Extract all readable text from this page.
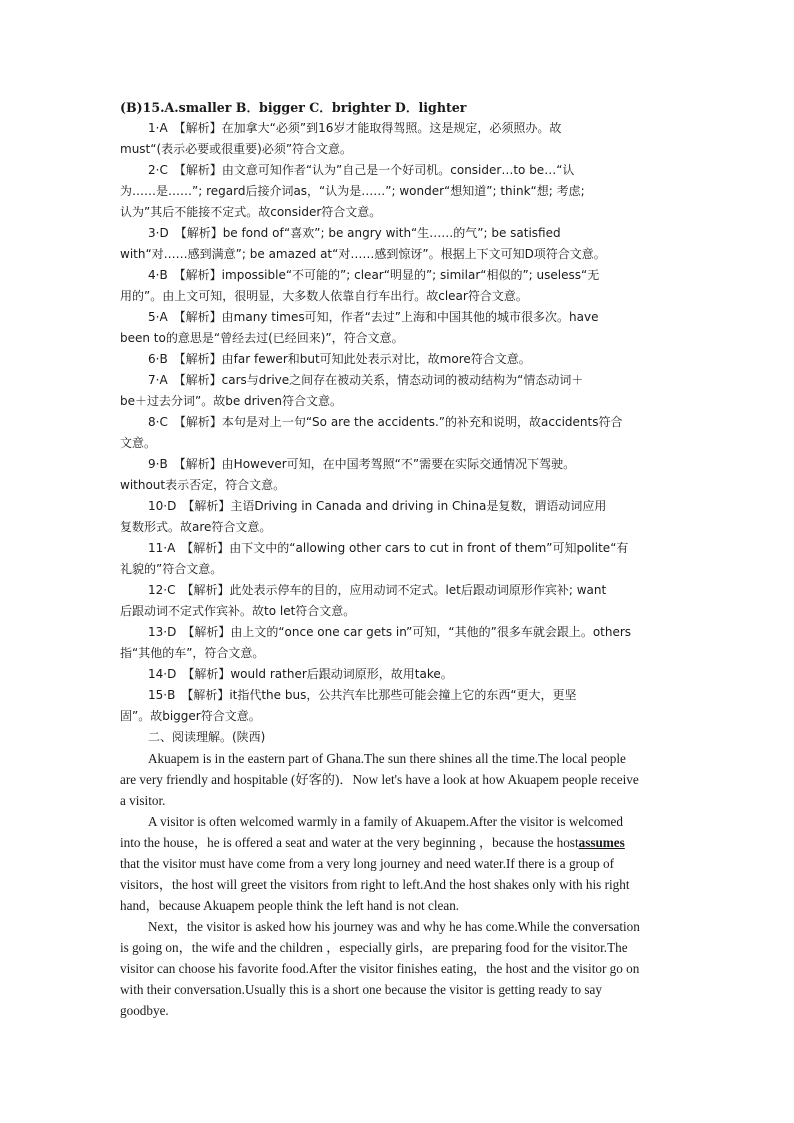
(B)15.A.smaller B．bigger C．brighter D．lighter
1·A　【解析】在加拿大“必须”到16岁才能取得驾照。这是规定，必须照办。故
must“(表示必要或很重要)必须”符合文意。
2·C　【解析】由文意可知作者“认为”自己是一个好司机。consider…to be…“认
为……是……”; regard后接介词as，“认为是……”; wonder“想知道”; think“想; 考虑;
认为”其后不能接不定式。故consider符合文意。
3·D　【解析】be fond of“喜欢”; be angry with“生……的气”; be satisfied
with“对……感到满意”; be amazed at“对……感到惊讶”。根据上下文可知D项符合文意。
4·B　【解析】impossible“不可能的”; clear“明显的”; similar“相似的”; useless“无
用的”。由上文可知，很明显，大多数人依靠自行车出行。故clear符合文意。
5·A　【解析】由many times可知，作者“去过”上海和中国其他的城市很多次。have
been to的意思是“曾经去过(已经回来)”，符合文意。
6·B　【解析】由far fewer和but可知此处表示对比，故more符合文意。
7·A　【解析】cars与drive之间存在被动关系，情态动词的被动结构为“情态动词＋
be＋过去分词”。故be driven符合文意。
8·C　【解析】本句是对上一句“So are the accidents.”的补充和说明，故accidents符合
文意。
9·B　【解析】由However可知，在中国考驾照“不”需要在实际交通情况下驾驶。
without表示否定，符合文意。
10·D　【解析】主语Driving in Canada and driving in China是复数，谓语动词应用
复数形式。故are符合文意。
11·A　【解析】由下文中的“allowing other cars to cut in front of them”可知polite“有
礼貌的”符合文意。
12·C　【解析】此处表示停车的目的，应用动词不定式。let后跟动词原形作宾补; want
后跟动词不定式作宾补。故to let符合文意。
13·D　【解析】由上文的“once one car gets in”可知，“其他的”很多车就会跟上。others
指“其他的车”，符合文意。
14·D　【解析】would rather后跟动词原形，故用take。
15·B　【解析】it指代the bus，公共汽车比那些可能会撞上它的东西“更大，更坚
固”。故bigger符合文意。
二、阅读理解。(陕西)
Akuapem is in the eastern part of Ghana.The sun there shines all the time.The local people
are very friendly and hospitable (好客的)．Now let's have a look at how Akuapem people receive
a visitor.
A visitor is often welcomed warmly in a family of Akuapem.After the visitor is welcomed
into the house，he is offered a seat and water at the very beginning ，because the hostassumes
that the visitor must have come from a very long journey and need water.If there is a group of
visitors，the host will greet the visitors from right to left.And the host shakes only with his right
hand，because Akuapem people think the left hand is not clean.
Next，the visitor is asked how his journey was and why he has come.While the conversation
is going on，the wife and the children ，especially girls，are preparing food for the visitor.The
visitor can choose his favorite food.After the visitor finishes eating，the host and the visitor go on
with their conversation.Usually this is a short one because the visitor is getting ready to say
goodbye.
